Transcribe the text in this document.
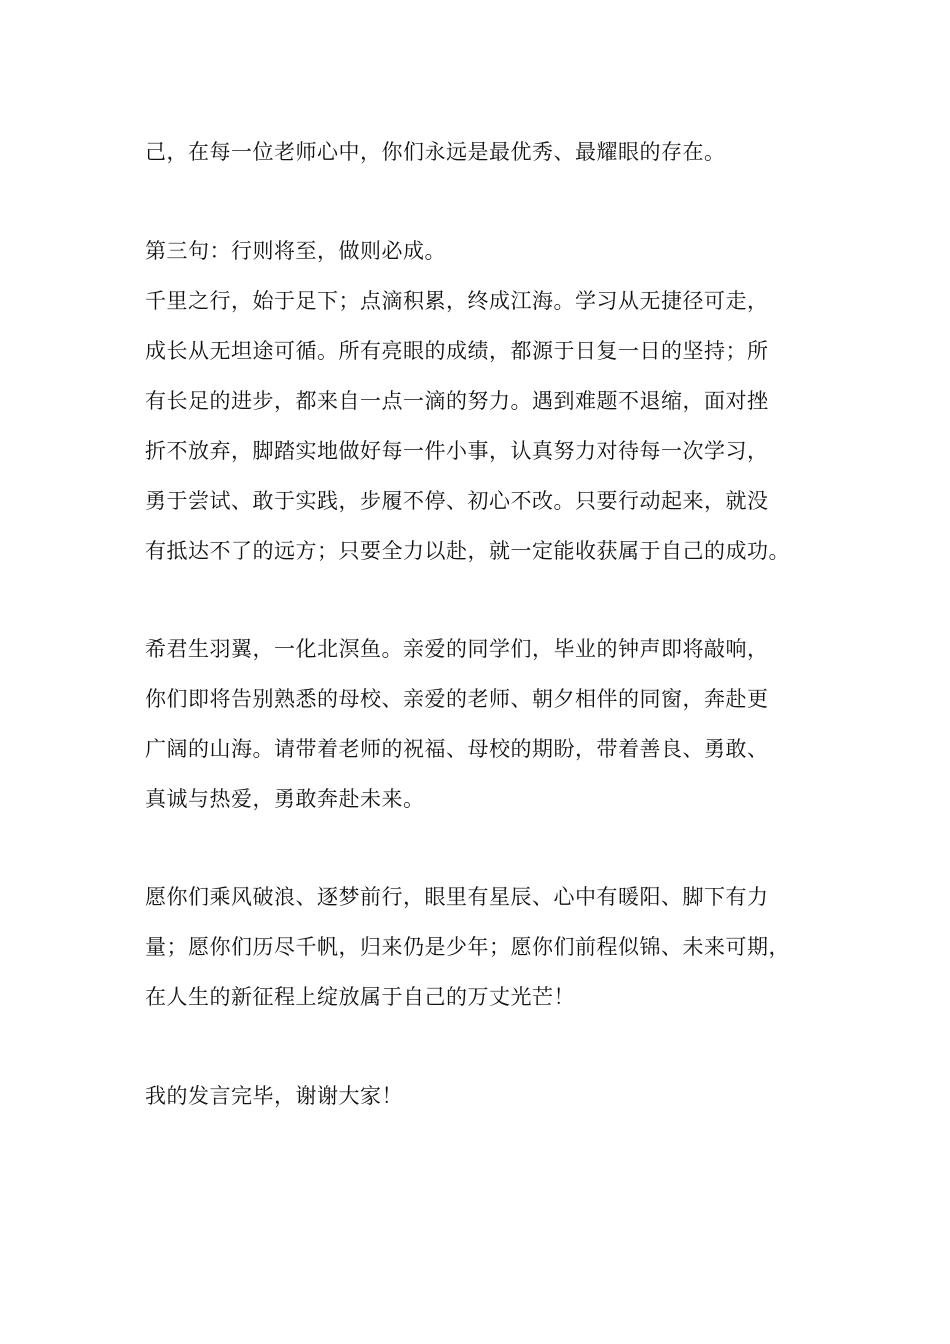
己，在每一位老师心中，你们永远是最优秀、最耀眼的存在。

第三句：行则将至，做则必成。

千里之行，始于足下；点滴积累，终成江海。学习从无捷径可走，

成长从无坦途可循。所有亮眼的成绩，都源于日复一日的坚持；所

有长足的进步，都来自一点一滴的努力。遇到难题不退缩，面对挫

折不放弃，脚踏实地做好每一件小事，认真努力对待每一次学习，

勇于尝试、敢于实践，步履不停、初心不改。只要行动起来，就没

有抵达不了的远方；只要全力以赴，就一定能收获属于自己的成功。

希君生羽翼，一化北溟鱼。亲爱的同学们，毕业的钟声即将敲响，

你们即将告别熟悉的母校、亲爱的老师、朝夕相伴的同窗，奔赴更

广阔的山海。请带着老师的祝福、母校的期盼，带着善良、勇敢、

真诚与热爱，勇敢奔赴未来。

愿你们乘风破浪、逐梦前行，眼里有星辰、心中有暖阳、脚下有力

量；愿你们历尽千帆，归来仍是少年；愿你们前程似锦、未来可期，

在人生的新征程上绽放属于自己的万丈光芒！

我的发言完毕，谢谢大家！
